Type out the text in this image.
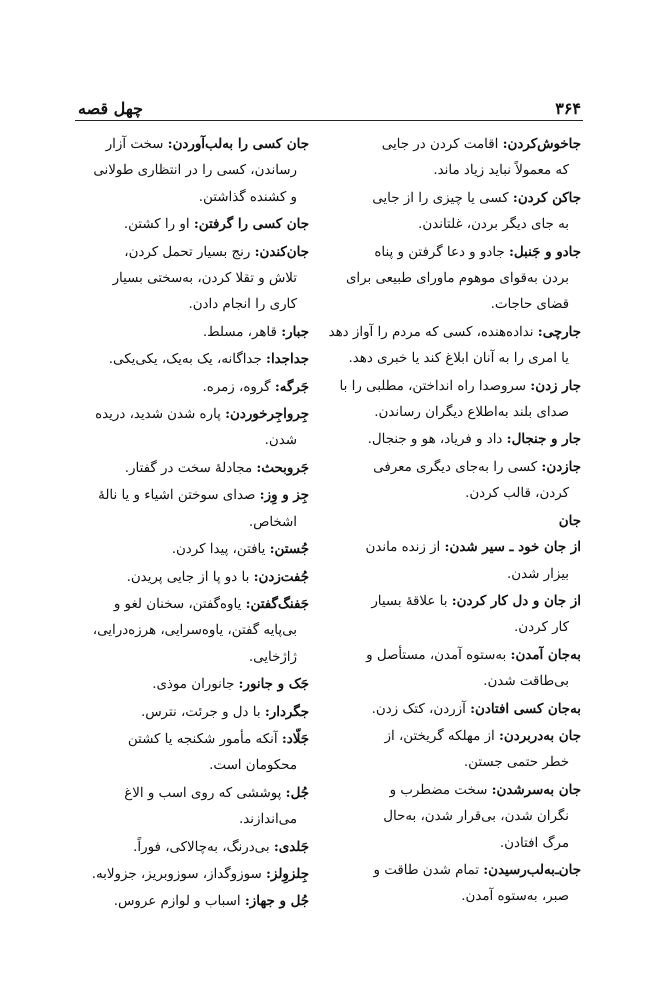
چهل قصه	۳۶۴
جاخوش‌کردن: اقامت کردن در جایی
که معمولاً نباید زیاد ماند.
جاکن کردن: کسی یا چیزی را از جایی
به جای دیگر بردن، غلتاندن.
جادو و جَنبل: جادو و دعا گرفتن و پناه
بردن به‌قوای موهوم ماورای طبیعی برای
قضای حاجات.
جارچی: نداده‌هنده، کسی که مردم را آواز دهد
یا امری را به آنان ابلاغ کند یا خبری دهد.
جار زدن: سروصدا راه انداختن، مطلبی را با
صدای بلند به‌اطلاع دیگران رساندن.
جار و جنجال: داد و فریاد، هو و جنجال.
جازدن: کسی را به‌جای دیگری معرفی
کردن، قالب کردن.
جان
از جان خود ـ سیر شدن: از زنده ماندن
بیزار شدن.
از جان و دل کار کردن: با علاقهٔ بسیار
کار کردن.
به‌جان آمدن: به‌ستوه آمدن، مستأصل و
بی‌طاقت شدن.
به‌جان کسی افتادن: آزردن، کتک زدن.
جان به‌دربردن: از مهلکه گریختن، از
خطر حتمی جستن.
جان به‌سرشدن: سخت مضطرب و
نگران شدن، بی‌قرار شدن، به‌حال
مرگ افتادن.
جان‌ـ‌به‌لب‌رسیدن: تمام شدن طاقت و
صبر، به‌ستوه آمدن.
جان کسی را به‌لب‌آوردن: سخت آزار
رساندن، کسی را در انتظاری طولانی
و کشنده گذاشتن.
جان کسی را گرفتن: او را کشتن.
جان‌کندن: رنج بسیار تحمل کردن،
تلاش و تقلا کردن، به‌سختی بسیار
کاری را انجام دادن.
جبار: قاهر، مسلط.
جداجدا: جداگانه، یک به‌یک، یکی‌یکی.
جَرگه: گروه، زمره.
جِرواجِرخوردن: پاره شدن شدید، دریده
شدن.
جَروبحث: مجادلهٔ سخت در گفتار.
جِز و وِز: صدای سوختن اشیاء و یا نالهٔ
اشخاص.
جُستن: یافتن، پیدا کردن.
جُفت‌زدن: با دو پا از جایی پریدن.
جَفنگ‌گفتن: یاوه‌گفتن، سخنان لغو و
بی‌پایه گفتن، یاوه‌سرایی، هرزه‌درایی،
ژاژخایی.
جَک و جانور: جانوران موذی.
جگردار: با دل و جرئت، نترس.
جَلّاد: آنکه مأمور شکنجه یا کشتن
محکومان است.
جُل: پوششی که روی اسب و الاغ
می‌اندازند.
جَلدی: بی‌درنگ، به‌چالاکی، فوراً.
جِلزوِلز: سوزوگداز، سوزوبریز، جزولابه.
جُل و جهاز: اسباب و لوازم عروس.
